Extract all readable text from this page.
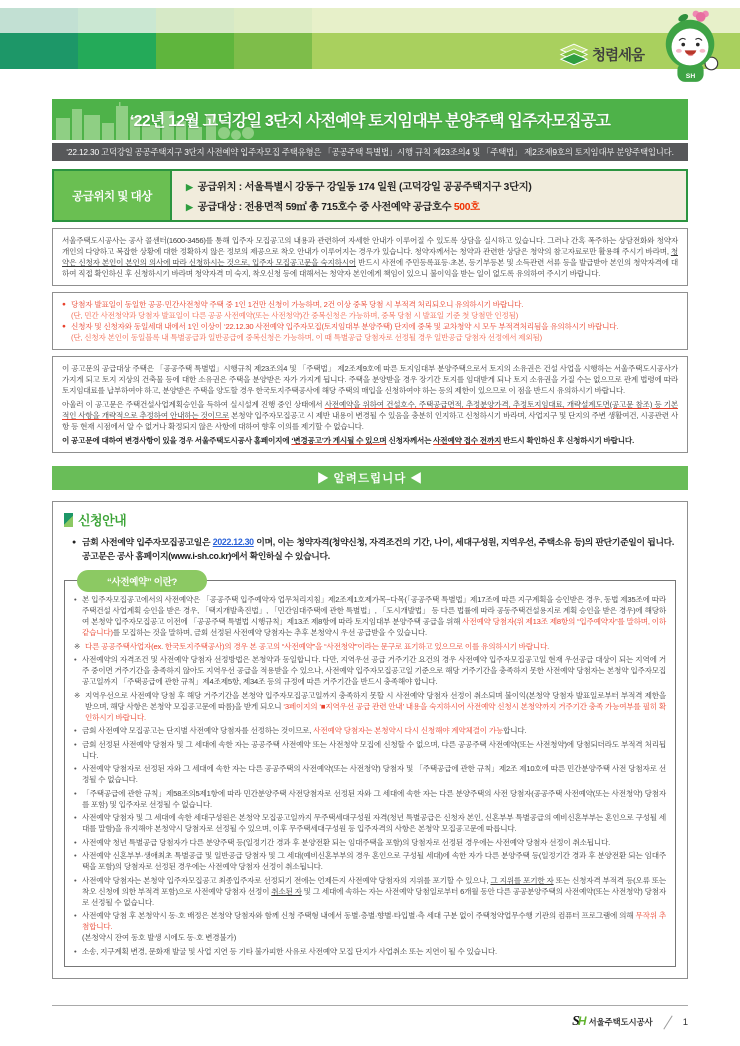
청렴세움
SH
‘22년 12월 고덕강일 3단지 사전예약 토지임대부 분양주택 입주자모집공고
‘22.12.30 고덕강일 공공주택지구 3단지 사전예약 입주자모집 주택유형은 「공공주택 특별법」시행 규칙 제23조의4 및 「주택법」 제2조제9호의 토지임대부 분양주택입니다.
공급위치 및 대상
▶ 공급위치 : 서울특별시 강동구 강일동 174 일원 (고덕강일 공공주택지구 3단지)
▶ 공급대상 : 전용면적 59㎡ 총 715호수 중 사전예약 공급호수 500호
서울주택도시공사는 공사 콜센터(1600-3456)를 통해 입주자 모집공고의 내용과 관련하여 자세한 안내가 이루어질 수 있도록 상담을 실시하고 있습니다. 그러나 간혹 폭주하는 상담전화와 청약자 개인의 다양하고 복잡한 상황에 대한 정확하지 않은 정보의 제공으로 착오 안내가 이루어지는 경우가 있습니다. 청약자께서는 청약과 관련한 상담은 청약의 참고자료로만 활용해 주시기 바라며, 청약은 신청자 본인이 본인의 의사에 따라 신청하시는 것으로, 입주자 모집공고문을 숙지하시어 반드시 사전에 주민등록표등·초본, 등기부등본 및 소득관련 서류 등을 발급받아 본인의 청약자격에 대하여 직접 확인하신 후 신청하시기 바라며 청약자격 미 숙지, 착오신청 등에 대해서는 청약자 본인에게 책임이 있으니 불이익을 받는 일이 없도록 유의하여 주시기 바랍니다.
● 당첨자 발표일이 동일한 공공·민간사전청약 주택 중 1인 1건만 신청이 가능하며, 2건 이상 중복 당첨 시 부적격 처리되오니 유의하시기 바랍니다.
(단, 민간 사전청약과 당첨자 발표일이 다른 공공 사전예약(또는 사전청약)간 중복신청은 가능하며, 중복 당첨 시 발표일 기준 첫 당첨만 인정됨)
● 신청자 및 신청자와 동일세대 내에서 1인 이상이 ‘22.12.30 사전예약 입주자모집(토지임대부 분양주택) 단지에 중복 및 교차청약 시 모두 부적격처리됨을 유의하시기 바랍니다.
(단, 신청자 본인이 동일블록 내 특별공급과 일반공급에 중복신청은 가능하며, 이 때 특별공급 당첨자로 선정될 경우 일반공급 당첨자 선정에서 제외됨)

이 공고문의 공급대상 주택은 「공공주택 특별법」시행규칙 제23조의4 및 「주택법」 제2조제9호에 따른 토지임대부 분양주택으로서 토지의 소유권은 건설 사업을 시행하는 서울주택도시공사가 가지게 되고 토지 지상의 건축물 등에 대한 소유권은 주택을 분양받은 자가 가지게 됩니다. 주택을 분양받을 경우 장기간 토지를 임대받게 되나 토지 소유권을 가질 수는 없으므로 관계 법령에 따라 토지임대료를 납부하여야 하고, 분양받은 주택을 양도할 경우 한국토지주택공사에 해당 주택의 매입을 신청하여야 하는 등의 제한이 있으므로 이 점을 반드시 유의하시기 바랍니다.

아울러 이 공고문은 주택건설사업계획승인을 득하여 실시설계 진행 중인 상태에서 사전예약을 위하여 건설호수, 주택공급면적, 추정분양가격, 추정토지임대료, 개략설계도면(공고문 참조) 등 기본적인 사항을 개략적으로 추정하여 안내하는 것이므로 본청약 입주자모집공고 시 제반 내용이 변경될 수 있음을 충분히 인지하고 신청하시기 바라며, 사업지구 및 단지의 주변 생활여건, 시공관련 사항 등 현재 시점에서 알 수 없거나 확정되지 않은 사항에 대하여 향후 이의를 제기할 수 없습니다.

이 공고문에 대하여 변경사항이 있을 경우 서울주택도시공사 홈페이지에 ‘변경공고’가 게시될 수 있으며 신청자께서는 사전예약 접수 전까지 반드시 확인하신 후 신청하시기 바랍니다.

▶ 알려드립니다 ◀
신청안내
● 금회 사전예약 입주자모집공고일은 2022.12.30 이며, 이는 청약자격(청약신청, 자격조건의 기간, 나이, 세대구성원, 지역우선, 주택소유 등)의 판단기준일이 됩니다. 공고문은 공사 홈페이지(www.i-sh.co.kr)에서 확인하실 수 있습니다.
“사전예약” 이란?
• 본 입주자모집공고에서의 사전예약은 「공공주택 입주예약자 업무처리지침」제2조제1호제가목~다목(「공공주택 특별법」제17조에 따른 지구계획을 승인받은 경우, 동법 제35조에 따라 주택건설 사업계획 승인을 받은 경우, 「택지개발촉진법」, 「민간임대주택에 관한 특별법」, 「도시개발법」 등 다른 법률에 따라 공동주택건설용지로 계획 승인을 받은 경우)에 해당하여 본청약 입주자모집공고 이전에 「공공주택 특별법 시행규칙」제13조 제8항에 따라 토지임대부 분양주택 공급을 위해 사전예약 당첨자(위 제13조 제8항의 “입주예약자”를 말하며, 이하 같습니다)를 모집하는 것을 말하며, 금회 선정된 사전예약 당첨자는 추후 본청약시 우선 공급받을 수 있습니다.
※ 다른 공공주택사업자(ex. 한국토지주택공사)의 경우 본 공고의 “사전예약”을 “사전청약”이라는 문구로 표기하고 있으므로 이를 유의하시기 바랍니다.
• 사전예약의 자격조건 및 사전예약 당첨자 선정방법은 본청약과 동일합니다. 다만, 지역우선 공급 거주기간 요건의 경우 사전예약 입주자모집공고일 현재 우선공급 대상이 되는 지역에 거주 중이면 거주기간을 충족하지 않아도 지역우선 공급을 적용받을 수 있으나, 사전예약 입주자모집공고일 기준으로 해당 거주기간을 충족하지 못한 사전예약 당첨자는 본청약 입주자모집공고일까지 「주택공급에 관한 규칙」제4조제5항, 제34조 등의 규정에 따른 거주기간을 반드시 충족해야 합니다.
※ 지역우선으로 사전예약 당첨 후 해당 거주기간을 본청약 입주자모집공고일까지 충족하지 못할 시 사전예약 당첨자 선정이 취소되며 불이익(본청약 당첨자 발표일로부터 부적격 제한을 받으며, 해당 사항은 본청약 모집공고문에 따름)을 받게 되오니 ‘3페이지의 ‘■지역우선 공급 관련 안내’ 내용을 숙지하시어 사전예약 신청시 본청약까지 거주기간 충족 가능여부를 필히 확인하시기 바랍니다.
• 금회 사전예약 모집공고는 단지별 사전예약 당첨자를 선정하는 것이므로, 사전예약 당첨자는 본청약시 다시 신청해야 계약체결이 가능합니다.
• 금회 선정된 사전예약 당첨자 및 그 세대에 속한 자는 공공주택 사전예약 또는 사전청약 모집에 신청할 수 없으며, 다른 공공주택 사전예약(또는 사전청약)에 당첨되더라도 부적격 처리됩니다.
• 사전예약 당첨자로 선정된 자와 그 세대에 속한 자는 다른 공공주택의 사전예약(또는 사전청약) 당첨자 및 「주택공급에 관한 규칙」제2조 제10호에 따른 민간분양주택 사전 당첨자로 선정될 수 없습니다.
• 「주택공급에 관한 규칙」제58조의5제1항에 따라 민간분양주택 사전당첨자로 선정된 자와 그 세대에 속한 자는 다른 분양주택의 사전 당첨자(공공주택 사전예약(또는 사전청약) 당첨자를 포함) 및 입주자로 선정될 수 없습니다.
• 사전예약 당첨자 및 그 세대에 속한 세대구성원은 본청약 모집공고일까지 무주택세대구성원 자격(청년 특별공급은 신청자 본인, 신혼부부 특별공급의 예비신혼부부는 혼인으로 구성될 세대를 말함)을 유지해야 본청약시 당첨자로 선정될 수 있으며, 이후 무주택세대구성원 등 입주자격의 사항은 본청약 모집공고문에 따릅니다.
• 사전예약 청년 특별공급 당첨자가 다른 분양주택 등(일정기간 경과 후 분양전환 되는 임대주택을 포함)의 당첨자로 선정된 경우에는 사전예약 당첨자 선정이 취소됩니다.
• 사전예약 신혼부부·생애최초 특별공급 및 일반공급 당첨자 및 그 세대(예비신혼부부의 경우 혼인으로 구성될 세대)에 속한 자가 다른 분양주택 등(일정기간 경과 후 분양전환 되는 임대주택을 포함)의 당첨자로 선정된 경우에는 사전예약 당첨자 선정이 취소됩니다.
• 사전예약 당첨자는 본청약 입주자모집공고 최종입주자로 선정되기 전에는 언제든지 사전예약 당첨자의 지위를 포기할 수 있으나, 그 지위를 포기한 자 또는 신청자격 부적격 등(오류 또는 착오 신청에 의한 부적격 포함)으로 사전예약 당첨자 선정이 취소된 자 및 그 세대에 속하는 자는 사전예약 당첨일로부터 6개월 동안 다른 공공분양주택의 사전예약(또는 사전청약) 당첨자로 선정될 수 없습니다.
• 사전예약 당첨 후 본청약시 동·호 배정은 본청약 당첨자와 함께 신청 주택형 내에서 동별·층별·향별·타입별·측 세대 구분 없이 주택청약업무수행 기관의 컴퓨터 프로그램에 의해 무작위 추첨합니다.
(본청약시 잔여 동호 발생 시에도 동·호 변경불가)
• 소송, 지구계획 변경, 문화재 발굴 및 사업 지연 등 기타 불가피한 사유로 사전예약 모집 단지가 사업취소 또는 지연이 될 수 있습니다.
S
H 서울주택도시공사	1
